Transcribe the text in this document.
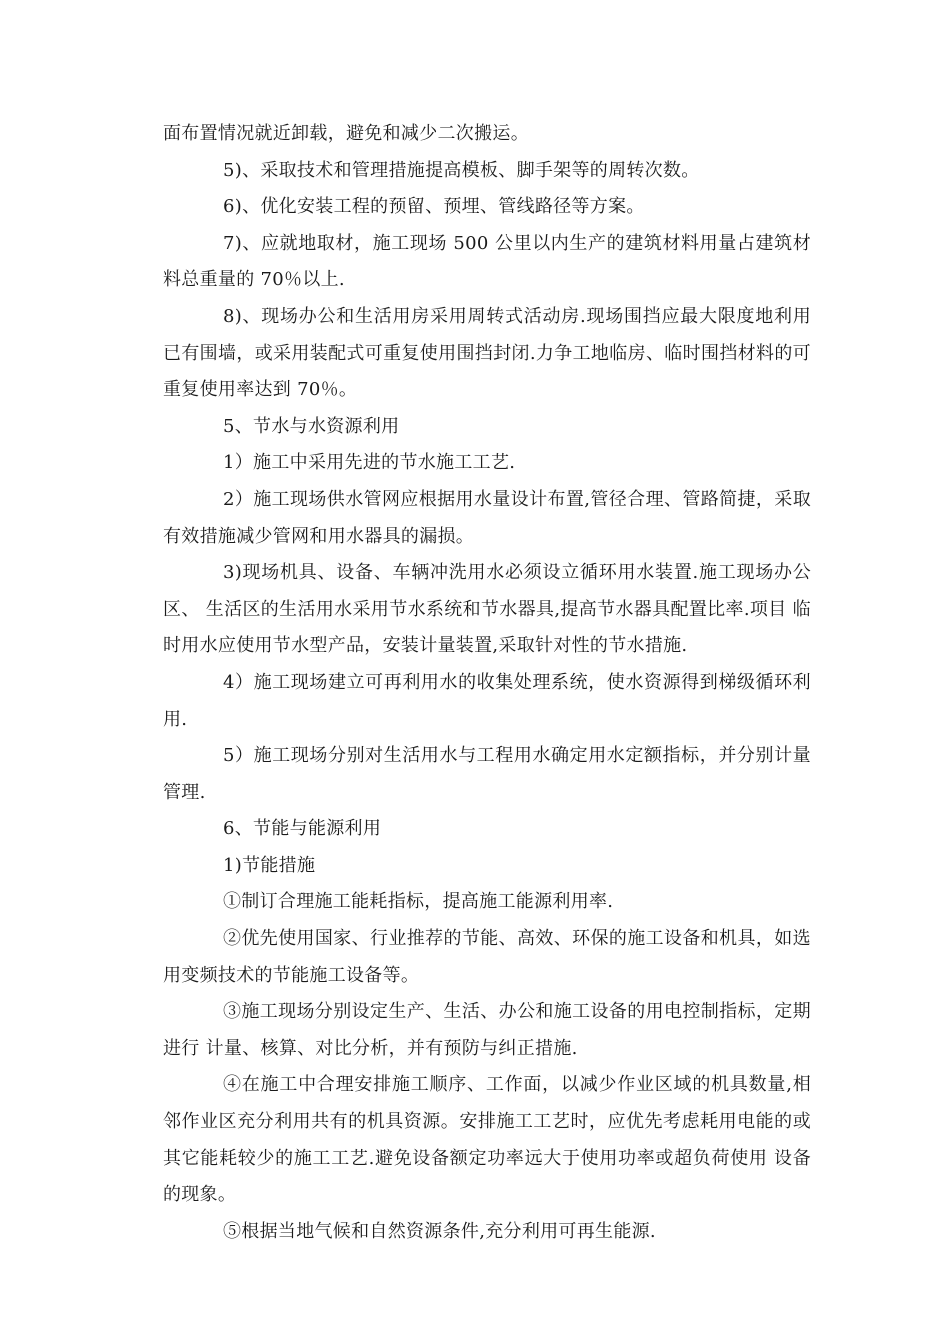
面布置情况就近卸载，避免和减少二次搬运。

5)、采取技术和管理措施提高模板、脚手架等的周转次数。

6)、优化安装工程的预留、预埋、管线路径等方案。

7)、应就地取材，施工现场 500 公里以内生产的建筑材料用量占建筑材料总重量的 70％以上.

8)、现场办公和生活用房采用周转式活动房.现场围挡应最大限度地利用已有围墙，或采用装配式可重复使用围挡封闭.力争工地临房、临时围挡材料的可重复使用率达到 70％。

5、节水与水资源利用

1）施工中采用先进的节水施工工艺.

2）施工现场供水管网应根据用水量设计布置,管径合理、管路简捷，采取有效措施减少管网和用水器具的漏损。

3)现场机具、设备、车辆冲洗用水必须设立循环用水装置.施工现场办公区、 生活区的生活用水采用节水系统和节水器具,提高节水器具配置比率.项目 临时用水应使用节水型产品，安装计量装置,采取针对性的节水措施.

4）施工现场建立可再利用水的收集处理系统，使水资源得到梯级循环利用.

5）施工现场分别对生活用水与工程用水确定用水定额指标，并分别计量管理.

6、节能与能源利用

1)节能措施

①制订合理施工能耗指标，提高施工能源利用率.

②优先使用国家、行业推荐的节能、高效、环保的施工设备和机具，如选用变频技术的节能施工设备等。

③施工现场分别设定生产、生活、办公和施工设备的用电控制指标，定期进行 计量、核算、对比分析，并有预防与纠正措施.

④在施工中合理安排施工顺序、工作面，以减少作业区域的机具数量,相邻作业区充分利用共有的机具资源。安排施工工艺时，应优先考虑耗用电能的或其它能耗较少的施工工艺.避免设备额定功率远大于使用功率或超负荷使用 设备的现象。

⑤根据当地气候和自然资源条件,充分利用可再生能源.
